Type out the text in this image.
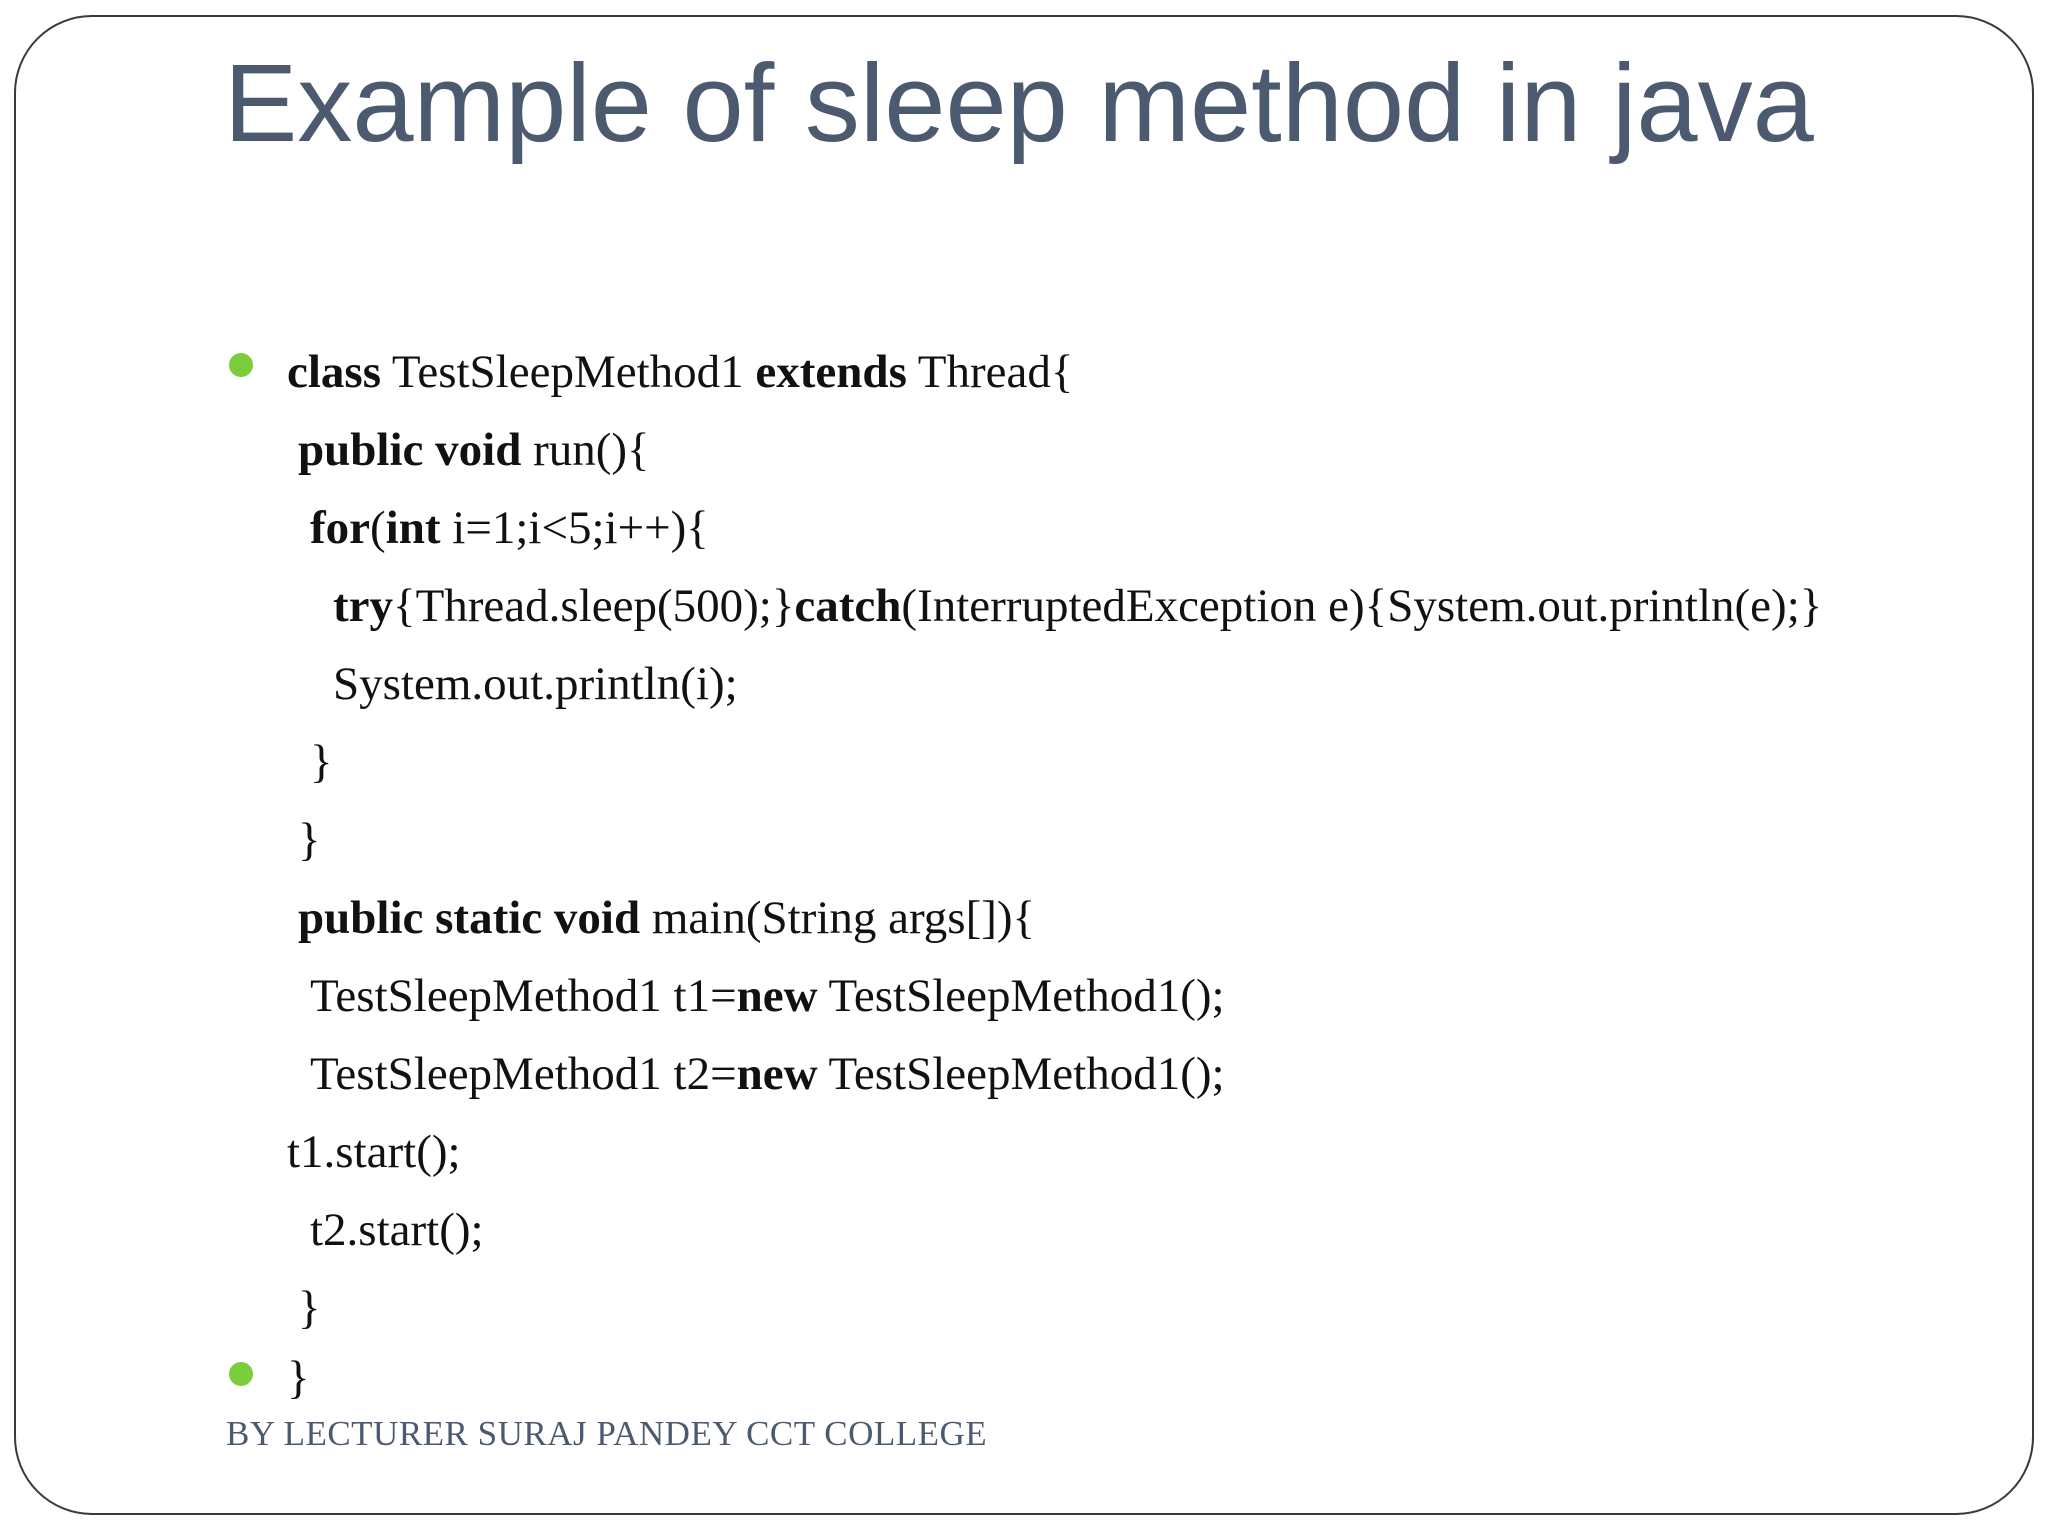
Example of sleep method in java
class TestSleepMethod1 extends Thread{
public void run(){
for(int i=1;i<5;i++){
try{Thread.sleep(500);}catch(InterruptedException e){System.out.println(e);}
System.out.println(i);
}
}
public static void main(String args[]){
TestSleepMethod1 t1=new TestSleepMethod1();
TestSleepMethod1 t2=new TestSleepMethod1();
t1.start();
t2.start();
}
}
BY LECTURER SURAJ PANDEY CCT COLLEGE
